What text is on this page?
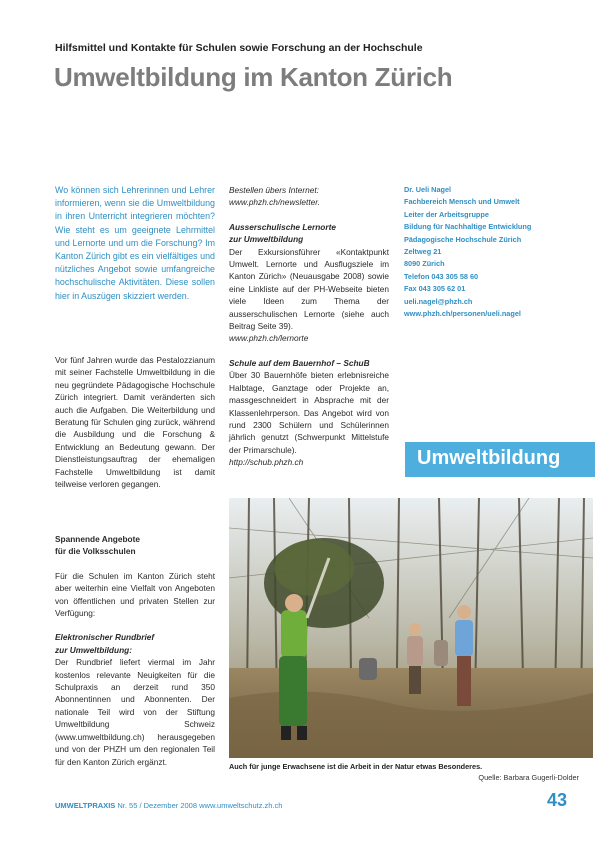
Hilfsmittel und Kontakte für Schulen sowie Forschung an der Hochschule
Umweltbildung im Kanton Zürich
Wo können sich Lehrerinnen und Lehrer informieren, wenn sie die Umweltbildung in ihren Unterricht integrieren möchten? Wie steht es um geeignete Lehrmittel und Lernorte und um die Forschung? Im Kanton Zürich gibt es ein vielfältiges und nützliches Angebot sowie umfangreiche hochschulische Aktivitäten. Diese sollen hier in Auszügen skizziert werden.
Vor fünf Jahren wurde das Pestalozzianum mit seiner Fachstelle Umweltbildung in die neu gegründete Pädagogische Hochschule Zürich integriert. Damit veränderten sich auch die Aufgaben. Die Weiterbildung und Beratung für Schulen ging zurück, während die Ausbildung und die Forschung & Entwicklung an Bedeutung gewann. Der Dienstleistungsauftrag der ehemaligen Fachstelle Umweltbildung ist damit teilweise verloren gegangen.

Spannende Angebote

für die Volksschulen

Für die Schulen im Kanton Zürich steht aber weiterhin eine Vielfalt von Angeboten von öffentlichen und privaten Stellen zur Verfügung:

Elektronischer Rundbrief

zur Umweltbildung:

Der Rundbrief liefert viermal im Jahr kostenlos relevante Neuigkeiten für die Schulpraxis an derzeit rund 350 Abonnentinnen und Abonnenten. Der nationale Teil wird von der Stiftung Umweltbildung Schweiz (www.umweltbildung.ch) herausgegeben und von der PHZH um den regionalen Teil für den Kanton Zürich ergänzt.

Bestellen übers Internet:

www.phzh.ch/newsletter.

Ausserschulische Lernorte

zur Umweltbildung

Der Exkursionsführer «Kontaktpunkt Umwelt. Lernorte und Ausflugsziele im Kanton Zürich» (Neuausgabe 2008) sowie eine Linkliste auf der PH-Webseite bieten viele Ideen zum Thema der ausserschulischen Lernorte (siehe auch Beitrag Seite 39).

www.phzh.ch/lernorte

Schule auf dem Bauernhof – SchuB

Über 30 Bauernhöfe bieten erlebnisreiche Halbtage, Ganztage oder Projekte an, massgeschneidert in Absprache mit der Klassenlehrperson. Das Angebot wird von rund 2300 Schülern und Schülerinnen jährlich genutzt (Schwerpunkt Mittelstufe der Primarschule).

http://schub.phzh.ch

Dr. Ueli Nagel
Fachbereich Mensch und Umwelt
Leiter der Arbeitsgruppe
Bildung für Nachhaltige Entwicklung
Pädagogische Hochschule Zürich
Zeltweg 21
8090 Zürich
Telefon 043 305 58 60
Fax 043 305 62 01
ueli.nagel@phzh.ch
www.phzh.ch/personen/ueli.nagel
Umweltbildung
Auch für junge Erwachsene ist die Arbeit in der Natur etwas Besonderes.
Quelle: Barbara Gugerli-Dolder
UMWELTPRAXIS Nr. 55 / Dezember 2008 www.umweltschutz.zh.ch	43
